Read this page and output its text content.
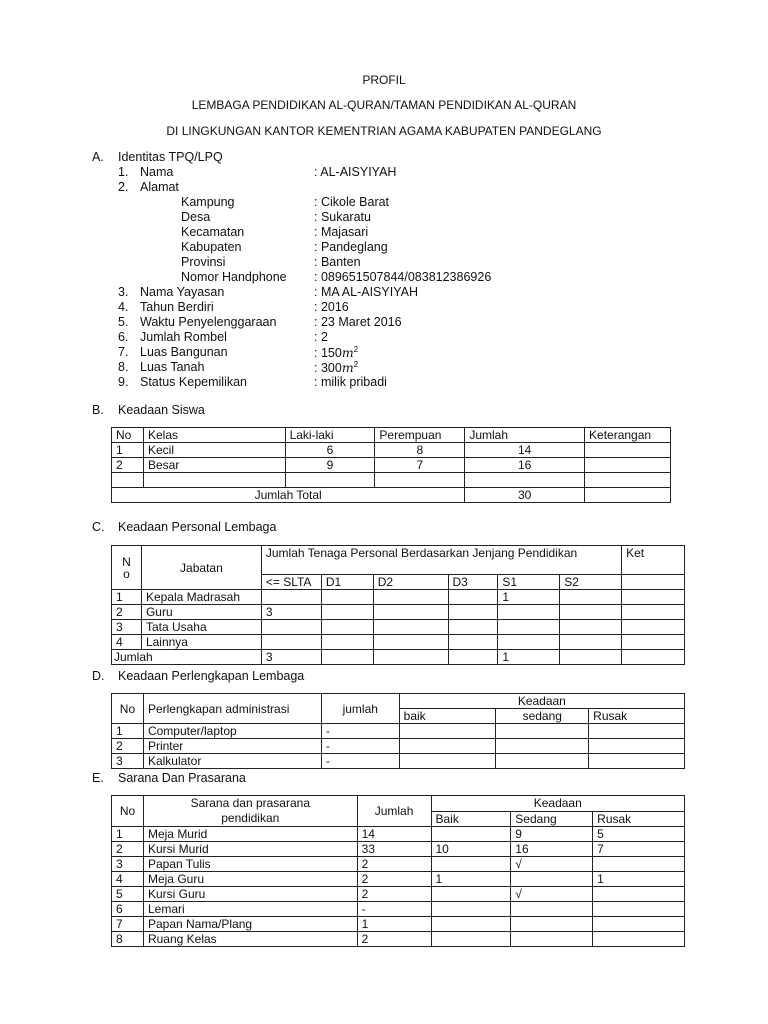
PROFIL
LEMBAGA PENDIDIKAN AL-QURAN/TAMAN PENDIDIKAN AL-QURAN
DI LINGKUNGAN KANTOR KEMENTRIAN AGAMA KABUPATEN PANDEGLANG
A. Identitas TPQ/LPQ
1. Nama	: AL-AISYIYAH
2. Alamat
Kampung	: Cikole Barat
Desa	: Sukaratu
Kecamatan	: Majasari
Kabupaten	: Pandeglang
Provinsi	: Banten
Nomor Handphone : 089651507844/083812386926
3. Nama Yayasan	: MA AL-AISYIYAH
4. Tahun Berdiri	: 2016
5. Waktu Penyelenggaraan	: 23 Maret 2016
6. Jumlah Rombel	: 2
7. Luas Bangunan	: $150m^2$
8. Luas Tanah	: $300m^2$
9. Status Kepemilikan	: milik pribadi
B. Keadaan Siswa
No	Kelas	Laki-laki	Perempuan	Jumlah	Keterangan
1	Kecil	6	8	14	
2	Besar	9	7	16	

Jumlah Total				30	
C. Keadaan Personal Lembaga
N
o	Jabatan	Jumlah Tenaga Personal Berdasarkan Jenjang Pendidikan						Ket
		<= SLTA	D1	D2	D3	S1	S2	
1	Kepala Madrasah					1		
2	Guru	3						
3	Tata Usaha							
4	Lainnya							
Jumlah		3				1		
D. Keadaan Perlengkapan Lembaga
No	Perlengkapan administrasi	jumlah	Keadaan		
			baik	sedang	Rusak
1	Computer/laptop	-			
2	Printer	-			
3	Kalkulator	-			
E. Sarana Dan Prasarana
No	Sarana dan prasarana
pendidikan	Jumlah	Keadaan		
			Baik	Sedang	Rusak
1	Meja Murid	14		9	5
2	Kursi Murid	33	10	16	7
3	Papan Tulis	2		√	
4	Meja Guru	2	1		1
5	Kursi Guru	2		√	
6	Lemari	-			
7	Papan Nama/Plang	1			
8	Ruang Kelas	2			
